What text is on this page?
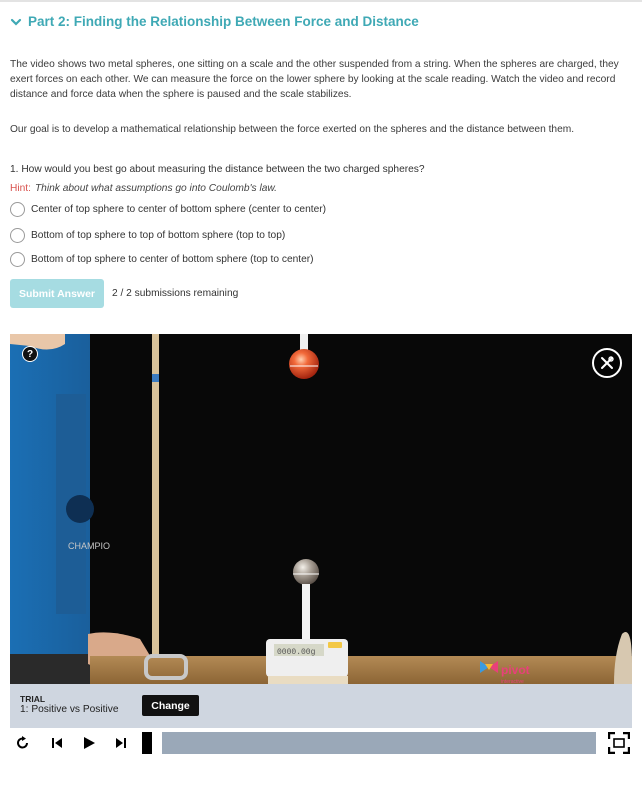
Part 2: Finding the Relationship Between Force and Distance

The video shows two metal spheres, one sitting on a scale and the other suspended from a string. When the spheres are charged, they exert forces on each other. We can measure the force on the lower sphere by looking at the scale reading. Watch the video and record distance and force data when the sphere is paused and the scale stabilizes.

Our goal is to develop a mathematical relationship between the force exerted on the spheres and the distance between them.

1. How would you best go about measuring the distance between the two charged spheres?
Hint: Think about what assumptions go into Coulomb's law.
Center of top sphere to center of bottom sphere (center to center)
Bottom of top sphere to top of bottom sphere (top to top)
Bottom of top sphere to center of bottom sphere (top to center)
Submit Answer	2 / 2 submissions remaining
CHAMPIO
0000.00g
?
pivot
interactive
TRIAL
1: Positive vs Positive	Change
